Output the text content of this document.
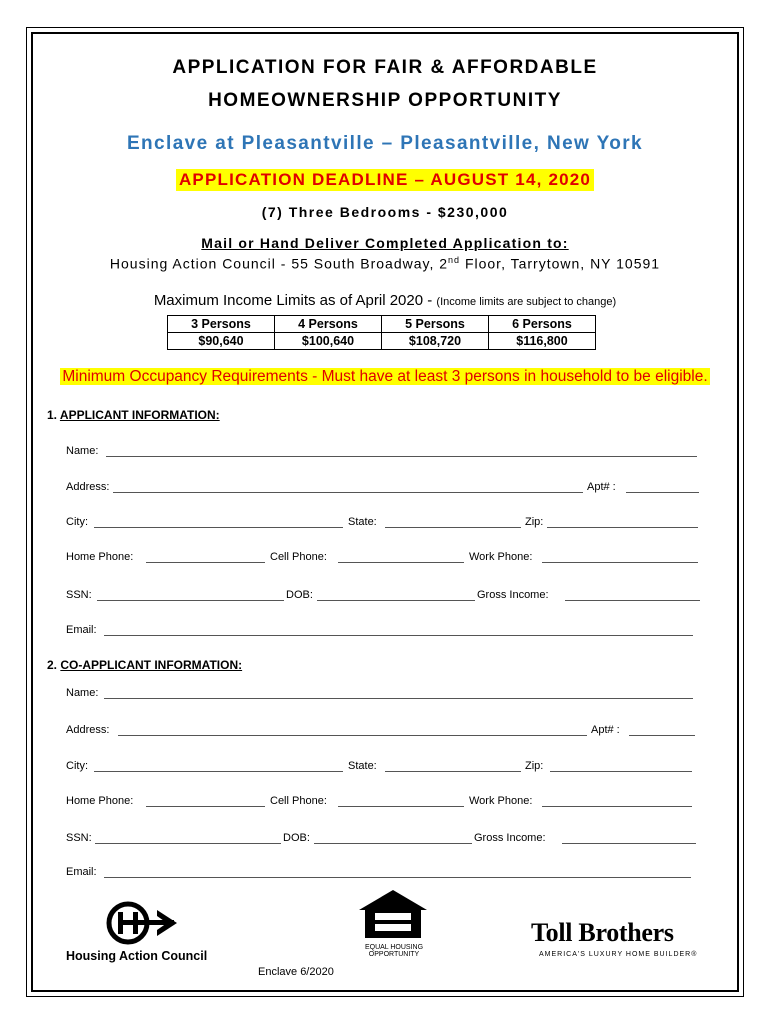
APPLICATION FOR FAIR & AFFORDABLE
HOMEOWNERSHIP OPPORTUNITY
Enclave at Pleasantville – Pleasantville, New York
APPLICATION DEADLINE – AUGUST 14, 2020
(7) Three Bedrooms - $230,000
Mail or Hand Deliver Completed Application to:
Housing Action Council - 55 South Broadway, 2nd Floor, Tarrytown, NY 10591
Maximum Income Limits as of April 2020 - (Income limits are subject to change)
3 Persons	4 Persons	5 Persons	6 Persons
$90,640	$100,640	$108,720	$116,800
Minimum Occupancy Requirements - Must have at least 3 persons in household to be eligible.
1. APPLICANT INFORMATION:
Name:
Address:	Apt# :
City:	State:	Zip:
Home Phone:	Cell Phone:	Work Phone:
SSN:	DOB:	Gross Income:
Email:
2. CO-APPLICANT INFORMATION:
Name:
Address:	Apt# :
City:	State:	Zip:
Home Phone:	Cell Phone:	Work Phone:
SSN:	DOB:	Gross Income:
Email:
Housing Action Council
EQUAL HOUSING
OPPORTUNITY
Toll Brothers
AMERICA'S LUXURY HOME BUILDER®
Enclave 6/2020
